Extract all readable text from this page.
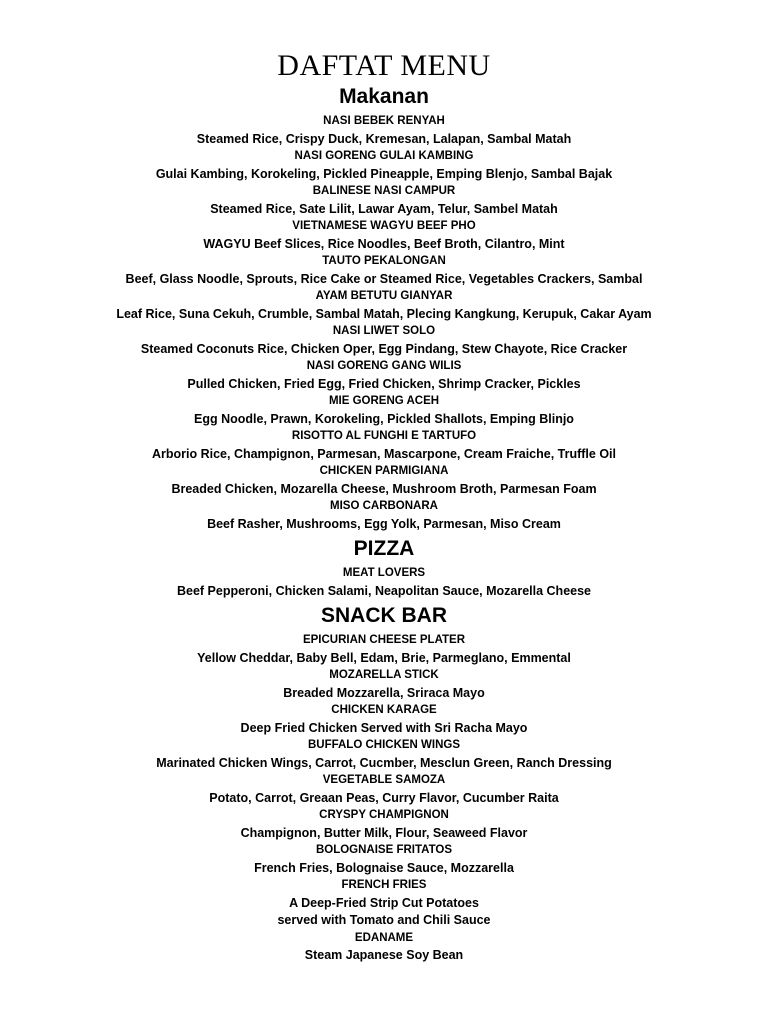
DAFTAT MENU
Makanan

NASI BEBEK RENYAH

Steamed Rice, Crispy Duck, Kremesan, Lalapan, Sambal Matah

NASI GORENG GULAI KAMBING

Gulai Kambing, Korokeling, Pickled Pineapple, Emping Blenjo, Sambal Bajak

BALINESE NASI CAMPUR

Steamed Rice, Sate Lilit, Lawar Ayam, Telur, Sambel Matah

VIETNAMESE WAGYU BEEF PHO

WAGYU Beef Slices, Rice Noodles, Beef Broth, Cilantro, Mint

TAUTO PEKALONGAN

Beef, Glass Noodle, Sprouts, Rice Cake or Steamed Rice, Vegetables Crackers, Sambal

AYAM BETUTU GIANYAR

Leaf Rice, Suna Cekuh, Crumble, Sambal Matah, Plecing Kangkung, Kerupuk, Cakar Ayam

NASI LIWET SOLO

Steamed Coconuts Rice, Chicken Oper, Egg Pindang, Stew Chayote, Rice Cracker

NASI GORENG GANG WILIS

Pulled Chicken, Fried Egg, Fried Chicken, Shrimp Cracker, Pickles

MIE GORENG ACEH

Egg Noodle, Prawn, Korokeling, Pickled Shallots, Emping Blinjo

RISOTTO AL FUNGHI E TARTUFO

Arborio Rice, Champignon, Parmesan, Mascarpone, Cream Fraiche, Truffle Oil

CHICKEN PARMIGIANA

Breaded Chicken, Mozarella Cheese, Mushroom Broth, Parmesan Foam

MISO CARBONARA

Beef Rasher, Mushrooms, Egg Yolk, Parmesan, Miso Cream

PIZZA

MEAT LOVERS

Beef Pepperoni, Chicken Salami, Neapolitan Sauce, Mozarella Cheese

SNACK BAR

EPICURIAN CHEESE PLATER

Yellow Cheddar, Baby Bell, Edam, Brie, Parmeglano, Emmental

MOZARELLA STICK

Breaded Mozzarella, Sriraca Mayo

CHICKEN KARAGE

Deep Fried Chicken Served with Sri Racha Mayo

BUFFALO CHICKEN WINGS

Marinated Chicken Wings, Carrot, Cucmber, Mesclun Green, Ranch Dressing

VEGETABLE SAMOZA

Potato, Carrot, Greaan Peas, Curry Flavor, Cucumber Raita

CRYSPY CHAMPIGNON

Champignon, Butter Milk, Flour, Seaweed Flavor

BOLOGNAISE FRITATOS

French Fries, Bolognaise Sauce, Mozzarella

FRENCH FRIES

A Deep-Fried Strip Cut Potatoes

served with Tomato and Chili Sauce

EDANAME

Steam Japanese Soy Bean
